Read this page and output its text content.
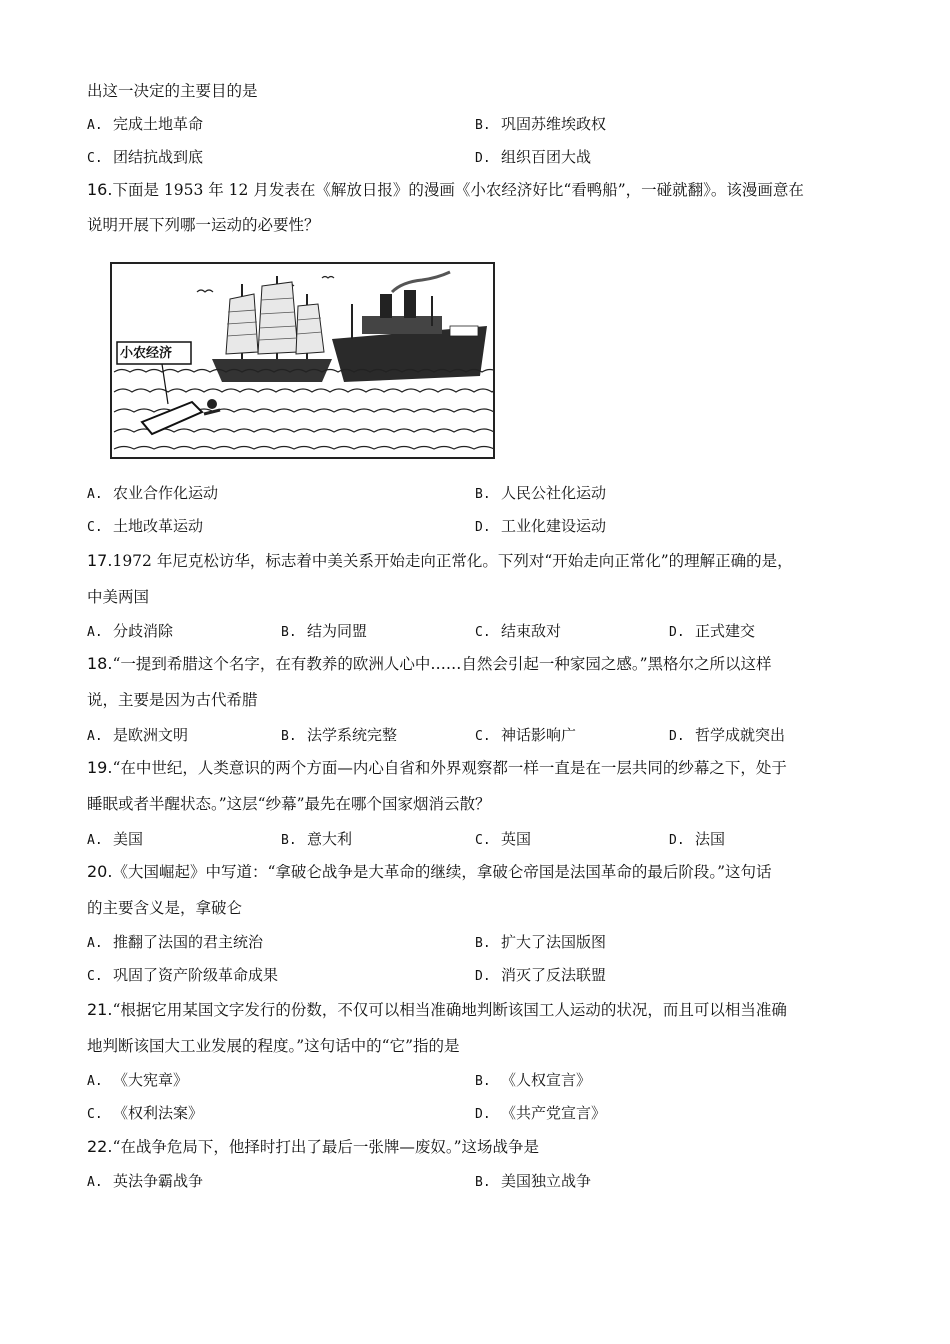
出这一决定的主要目的是
A. 完成土地革命	B. 巩固苏维埃政权
C. 团结抗战到底	D. 组织百团大战
16.下面是 1953 年 12 月发表在《解放日报》的漫画《小农经济好比“看鸭船”，一碰就翻》。该漫画意在
说明开展下列哪一运动的必要性？
小农经济
A. 农业合作化运动	B. 人民公社化运动
C. 土地改革运动	D. 工业化建设运动
17.1972 年尼克松访华，标志着中美关系开始走向正常化。下列对“开始走向正常化”的理解正确的是，
中美两国
A. 分歧消除	B. 结为同盟	C. 结束敌对	D. 正式建交
18.“一提到希腊这个名字，在有教养的欧洲人心中……自然会引起一种家园之感。”黑格尔之所以这样
说，主要是因为古代希腊
A. 是欧洲文明	B. 法学系统完整	C. 神话影响广	D. 哲学成就突出
19.“在中世纪，人类意识的两个方面—内心自省和外界观察都一样一直是在一层共同的纱幕之下，处于
睡眠或者半醒状态。”这层“纱幕”最先在哪个国家烟消云散？
A. 美国	B. 意大利	C. 英国	D. 法国
20.《大国崛起》中写道：“拿破仑战争是大革命的继续，拿破仑帝国是法国革命的最后阶段。”这句话
的主要含义是，拿破仑
A. 推翻了法国的君主统治	B. 扩大了法国版图
C. 巩固了资产阶级革命成果	D. 消灭了反法联盟
21.“根据它用某国文字发行的份数，不仅可以相当准确地判断该国工人运动的状况，而且可以相当准确
地判断该国大工业发展的程度。”这句话中的“它”指的是
A. 《大宪章》	B. 《人权宣言》
C. 《权利法案》	D. 《共产党宣言》
22.“在战争危局下，他择时打出了最后一张牌—废奴。”这场战争是
A. 英法争霸战争	B. 美国独立战争
